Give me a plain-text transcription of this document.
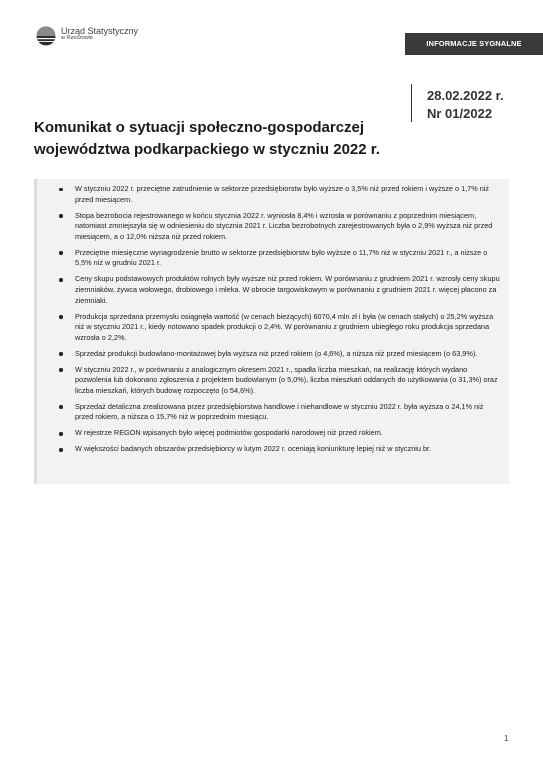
Urząd Statystyczny
w Rzeszowie
INFORMACJE SYGNALNE
28.02.2022 r.
Nr 01/2022
Komunikat o sytuacji społeczno-gospodarczej województwa podkarpackiego w styczniu 2022 r.
W styczniu 2022 r. przeciętne zatrudnienie w sektorze przedsiębiorstw było wyższe o 3,5% niż przed rokiem i wyższe o 1,7% niż przed miesiącem.
Stopa bezrobocia rejestrowanego w końcu stycznia 2022 r. wyniosła 8,4% i wzrosła w porównaniu z poprzednim miesiącem, natomiast zmniejszyła się w odniesieniu do stycznia 2021 r. Liczba bezrobotnych zarejestrowanych była o 2,9% wyższa niż przed miesiącem, a o 12,0% niższa niż przed rokiem.
Przeciętne miesięczne wynagrodzenie brutto w sektorze przedsiębiorstw było wyższe o 11,7% niż w styczniu 2021 r., a niższe o 5,5% niż w grudniu 2021 r.
Ceny skupu podstawowych produktów rolnych były wyższe niż przed rokiem. W porównaniu z grudniem 2021 r. wzrosły ceny skupu ziemniaków, żywca wołowego, drobiowego i mleka. W obrocie targowiskowym w porównaniu z grudniem 2021 r. więcej płacono za ziemniaki.
Produkcja sprzedana przemysłu osiągnęła wartość (w cenach bieżących) 6070,4 mln zł i była (w cenach stałych) o 25,2% wyższa niż w styczniu 2021 r., kiedy notowano spadek produkcji o 2,4%. W porównaniu z grudniem ubiegłego roku produkcja sprzedana wzrosła o 2,2%.
Sprzedaż produkcji budowlano-montażowej była wyższa niż przed rokiem (o 4,6%), a niższa niż przed miesiącem (o 63,9%).
W styczniu 2022 r., w porównaniu z analogicznym okresem 2021 r., spadła liczba mieszkań, na realizację których wydano pozwolenia lub dokonano zgłoszenia z projektem budowlanym (o 5,0%), liczba mieszkań oddanych do użytkowania (o 31,3%) oraz liczba mieszkań, których budowę rozpoczęto (o 54,6%).
Sprzedaż detaliczna zrealizowana przez przedsiębiorstwa handlowe i niehandlowe w styczniu 2022 r. była wyższa o 24,1% niż przed rokiem, a niższa o 15,7% niż w poprzednim miesiącu.
W rejestrze REGON wpisanych było więcej podmiotów gospodarki narodowej niż przed rokiem.
W większości badanych obszarów przedsiębiorcy w lutym 2022 r. oceniają koniunkturę lepiej niż w styczniu br.
1
